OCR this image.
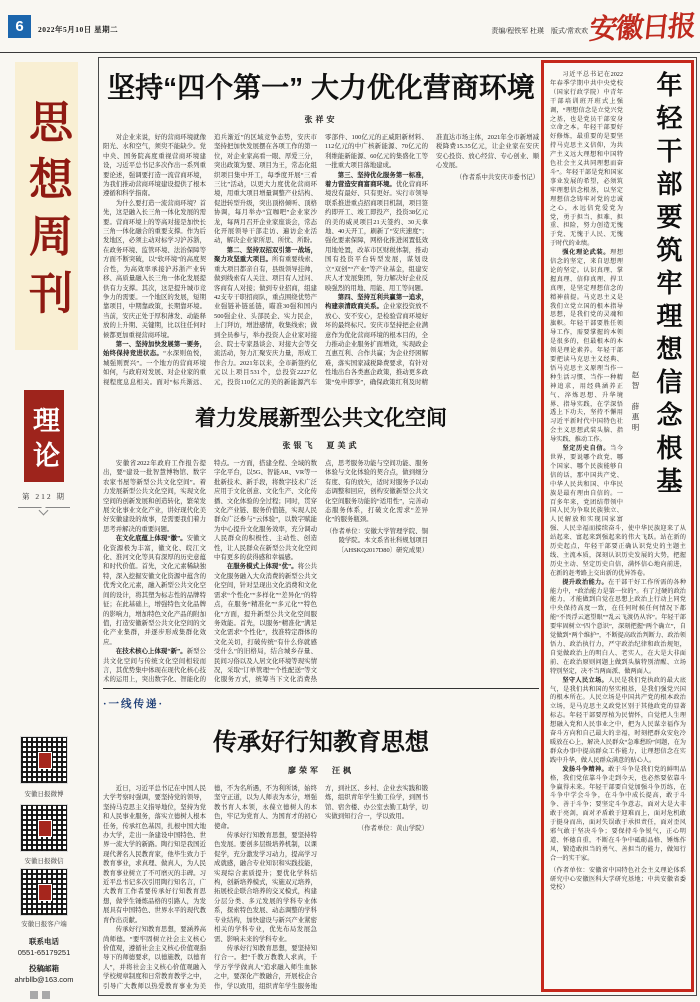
6	2022年5月10日 星期二	责编/程铁军 杜瑛　版式/常欢欢 安徽日报
思想周刊
理论
第 212 期
安徽日报微博
安徽日报微信
安徽日报客户端
联系电话
0551-65179251
投稿邮箱
ahrbllb@163.com
坚持“四个第一” 大力优化营商环境
张祥安

对企业来说，好的营商环境就像阳光、水和空气，须臾不能缺少。党中央、国务院高度重视营商环境建设，习近平总书记多次作出一系列重要论述，强调要打造一流营商环境，为我们推动营商环境建设提供了根本遵循和科学指南。

为什么要打造一流营商环境？首先，这是融入长三角一体化发展的需要。营商环境上的等高对接是加快长三角一体化融合的重要支撑。作为后发地区，必须主动对标学习沪苏浙，在政务环境、监管环境、法治保障等方面不断突破，以“软环境”的高度契合性，为高效率承接沪苏浙产业转移、高质量融入长三角一体化发展提供有力支撑。其次，这是提升城市竞争力的需要。一个地区的发展，短期靠项目，中期靠政策，长期靠环境。当前，安庆正处于厚积薄发、动能释放的上升期、关键期，比以往任何时候都更加重视营商环境。

第一、坚持加快发展第一要务，始终保持竞进状态。“水深则鱼悦，城强则贾兴”。一个地方的营商环境如何，与政府对发展、对企业家的重视程度息息相关。面对“标兵渐远、追兵渐近”的区域竞争态势，安庆市坚持把加快发展摆在各项工作的第一位，对企业家高看一眼、厚爱三分，突出政策为要、项目为王，常态化组织项目集中开工，每季度开展“三看三比”活动，以更大力度优化营商环境，用重大项目增量调整产业结构、促进转型升级，突出顶格倾听、顶格协调，每月举办“宜咖吧”企业家沙龙，每两月召开企业家座谈会，常态化开展领导干部走访、遍访企业活动，解决企业家所思、所忧、所盼。

第二、坚持双招双引第一战场，聚力攻坚重大项目。所有重要线索、重大项目都亲自有，县级领导挂帅，做到线索有人关注、项目有人过问、客商有人对接；做到专业招商，组建42支专干职招商队，重点围绕优势产业强链补链延链，瞄准30强和国内500强企业、头部民企、实力民企，上门拜访，增进感情，收集线索；做到全员参与，举办投资人企业家对接会、院士专家恳谈会、对接大会等交流活动，努力汇聚安庆力量，形成工作合力。2021年以来，全市新签约亿元以上项目531个，总投资2227亿元，投资110亿元的美的新能源汽车零部件、100亿元的正威阳新材料、112亿元的中广核新能源、70亿元的利维能新能源、60亿元的集盛化工等一批重大项目落地建成。

第三、坚持优化服务第一标准，着力营造安商富商环境。优化营商环境没有最好、只有更好。实行市领导联系推进重点招商项目机制，项目签约即开工、竣工即投产，投资38亿元的美的威灵项目21天签约、30天拿地、40天开工，刷新了“安庆速度”；强化要素保障，网格化推进闲置低效用地处置，改革市区财税体制，推动国有投资平台转型发展，谋划设立“双创”“产业”等产业基金，组建安庆人才发展集团，努力解决好企业反映强烈的用地、用能、用工等问题。

第四、坚持互利共赢第一追求，构建亲清政商关系。企业家投资放不放心、安不安心，是检验营商环境好坏的最终标尺。安庆市坚持把企业满意作为优化营商环境的根本目的，全力推动企业服务扩面增效，实现政企互惠互利、合作共赢；为企业纾困解难，落实国家减税降费要求，有针对性地出台各类惠企政策，推动更多政策“免申即享”，确保政策红利及时精准直达市场主体，2021年全市新增减税降费15.35亿元，让企业家在安庆安心投资、放心经营、专心创业、顺心发展。

（作者系中共安庆市委书记）

着力发展新型公共文化空间
张银飞　夏美武

安徽省2022年政府工作报告提出，要“建设一批智慧博物馆、数字农家书屋等新型公共文化空间”。着力发展新型公共文化空间，实现文化空间的创新发展和创造转化，繁荣发展文化事业文化产业，讲好现代化美好安徽建设的故事，是需要我们着力思考并解决的重要问题。

在文化底蕴上体现“徽”。安徽文化资源极为丰富，徽文化、皖江文化、淮河文化等具有深厚的历史意蕴和时代价值。首先，文化元素稀缺独特，深入挖掘安徽文化资源中蕴含的优秀文化元素，融入新型公共文化空间的设计，将其塑为标志性的品牌特征；在此基础上，增强特色文化品牌的影响力，增加特色文化产品的附加值，打造安徽新型公共文化空间的文化产业集群，并逐步形成集群化效应。

在技术核心上体现“新”。新型公共文化空间与传统文化空间相较而言，其优势集中体现在现代化核心技术的运用上，突出数字化、智能化的特点。一方面，搭建全程、全域的数字化平台，以5G、智能AR、VR等一批新技术、新手段，将数字技术广泛应用于文化创意、文化生产、文化传播、文化体验的全过程；同时，贯穿文化产业链、服务价值链，实现人民群众广泛参与“云体验”，以数字赋能为中心提升文化服务效率，充分调动人民群众的积极性、主动性、创造性，让人民群众在新型公共文化空间中有更多的获得感和幸福感。

在服务模式上体现“优”。将公共文化服务融入大众消费的新型公共文化空间，针对呈现出文化消费和文化需求“个性化”“多样化”“差异化”的特点，在服务“精准化”“多元化”“特色化”方面，提升新型公共文化空间服务效能。首先，以服务“精准化”满足文化需求“个性化”，找准特定群体的文化关切，打破传统“有什么你就感受什么”的旧格局，结合城乡存量、民间习俗以及人居文化环境等现实情况，采取“订单管理”“个性配送”等文化服务方式，统筹当下文化消费热点，思考服务功能与空间功能、服务体验与文化体验的契合点，做到细分有度、有的放矢，适时对服务予以动态调整和回应，创构安徽新型公共文化空间服务功能的“适用性”，完善动态服务体系，打破文化需求“差异化”的服务瓶颈。

（作者单位：安徽大学管理学院、铜陵学院。本文系省社科规划项目〔AHSKQ2017D80〕研究成果）

·一线传递·
传承好行知教育思想
廖荣军　汪枫

近日，习近平总书记在中国人民大学考察时强调，要坚持党的领导，坚持马克思主义指导地位，坚持为党和人民事业服务，落实立德树人根本任务，传承红色基因，扎根中国大地办大学，走出一条建设中国特色、世界一流大学的新路。陶行知是我国近现代著名人民教育家，他毕生致力于教育事业，求真理、做真人，为人民教育事业树立了不可磨灭的丰碑。习近平总书记多次引用陶行知名言，广大教育工作者要传承好行知教育思想，做学生锤炼品格的引路人，为发展具有中国特色、世界水平的现代教育作出贡献。

传承好行知教育思想，要涵养高尚师德。“要牢固树立社会主义核心价值观，遵循社会主义核心价值观指导下的师德要求，以德施教，以德育人”，并将社会主义核心价值观融入学校规章制度和日常教育教学之中，引导广大教师以热爱教育事业为美德，不为名所遇，不为利所诱，始终坚守正道，以为人师表为本分，增强教书育人本领，永葆立德树人的本色，牢记为党育人、为国育才的初心使命。

传承好行知教育思想，要坚持特色发展。要创多层级培养机制，以课促学，充分激发学习动力，提高学习成就感，融合专业知识和实践技能，实现综合素质提升；要优化学科结构，创新培养模式，实施双元培养，拓展校企联合培养的交叉模式，构建分层分类、多元发展的学科专业体系，探索特色发展、动态调整的学科专业结构，加快建设与新兴产业紧密相关的学科专业，优先布局发展急需、影响未来的学科专业。

传承好行知教育思想，要坚持知行合一。把“千教万教教人求真，千学万学学做真人”追求融入师生血脉之中，要深化产教融合，开展校企合作，学以致用，组织青年学生服务地方，到社区、乡村、企业去实践和锻炼，组织青年学生勤工俭学，到图书馆、宿舍楼、办公室去勤工助学，切实做到知行合一，学以致用。

（作者单位：黄山学院）

年轻干部要筑牢理想信念根基
赵智　薛惠明

习近平总书记在2022年春季学期中共中央党校（国家行政学院）中青年干部培训班开班式上强调，“理想信念是立党兴党之基，也是党员干部安身立命之本。年轻干部要好好修炼，最重要的是要坚持马克思主义信仰，为共产主义远大理想和中国特色社会主义共同理想而奋斗”。年轻干部是党和国家事业发展的希望，必须筑牢理想信念根基，以坚定理想信念铸牢对党的忠诚之心，永远信党爱党为党，勇于担当、担难、担重、担险，努力创造无愧于党、无愧于人民、无愧于时代的业绩。

强化理论武装。理想信念的坚定，来自思想理论的坚定。认识真理、掌握真理、信仰真理、捍卫真理，是坚定理想信念的精神前提。马克思主义是我们立党立国的根本指导思想，是我们党的灵魂和旗帜。年轻干部要胜任领导工作，需要掌握的本领是很多的，但最根本的本领是理论素养。年轻干部要把读马克思主义经典、悟马克思主义原理当作一种生活习惯、当作一种精神追求，用经典涵养正气、淬炼思想、升华境界、指导实践，在学深悟透上下功夫，坚持不懈用习近平新时代中国特色社会主义思想武装头脑、指导实践、推动工作。

坚定历史自信。当今世界，要说哪个政党、哪个国家、哪个民族能够自信的话，那中国共产党、中华人民共和国、中华民族是最有理由自信的。一百多年来，党团结带领中国人民为争取民族独立、人民解放和实现国家富强、人民幸福而接续奋斗，使中华民族迎来了从站起来、富起来到强起来的伟大飞跃。站在新的历史起点，年轻干部要正确认识党史的主题主线、主流本质，深刻认识历史发展的大势，把握历史主动、坚定历史自信，满怀信心地向前进，在新的赶考路上交出新的优异答卷。

提升政治能力。在干部干好工作所需的各种能力中，“政治能力是第一位的”。有了过硬的政治能力，才能做到自觉在思想上政治上行动上同党中央保持高度一致，在任何时候任何情况下都能“不畏浮云遮望眼”“乱云飞渡仍从容”。年轻干部要牢固树立“四个意识”，深刻把握“两个确立”，自觉做到“两个维护”，不断提高政治判断力、政治领悟力、政治执行力，严守政治纪律和政治规矩，自觉做政治上的明白人、老实人，在大是大非面前、在政治原则问题上做到头脑特别清醒、立场特别坚定，决不当两面派、做两面人。

坚守人民立场。人民是我们党执政的最大底气，是我们共和国的坚实根基，是我们强党兴国的根本所在。人民立场是中国共产党的根本政治立场，是马克思主义政党区别于其他政党的显著标志。年轻干部要厚植为民情怀，自觉把人生理想融入党和人民事业之中，把为人民谋幸福作为奋斗方向和自己最大的幸福，时刻把群众安危冷暖放在心上，解决人民群众“急难愁盼”问题，在为群众办事中提高群众工作能力，让理想信念在实践中升华，做人民群众满意的贴心人。

发扬斗争精神。敢于斗争是我们党的鲜明品格，我们党依靠斗争走到今天，也必然要依靠斗争赢得未来。年轻干部要自觉加强斗争历练，在斗争中学会斗争，在斗争中成长提高，敢于斗争、善于斗争；要坚定斗争意志，面对大是大非敢于亮剑，面对矛盾敢于迎难而上，面对危机敢于挺身而出，面对失误敢于承担责任，面对歪风邪气敢于坚决斗争；要保持斗争锐气，正心明道、怀德自重，不断在斗争中砥砺品格、锤炼作风，锻造敢担当的勇气、善担当的能力，做知行合一的实干家。

（作者单位：安徽省中国特色社会主义理论体系研究中心安徽医科大学研究基地；中共安徽省委党校）
